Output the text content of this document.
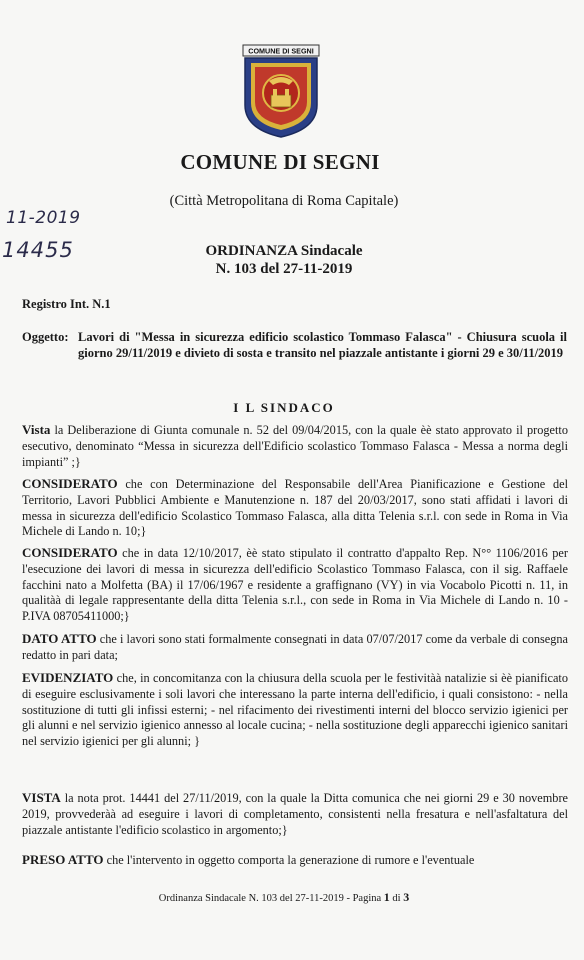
COMUNE DI SEGNI
COMUNE DI SEGNI
(Città Metropolitana di Roma Capitale)
11-2019
14455	ORDINANZA Sindacale
N. 103 del 27-11-2019
Registro Int. N.1
Oggetto: Lavori di "Messa in sicurezza edificio scolastico Tommaso Falasca" - Chiusura scuola il giorno 29/11/2019 e divieto di sosta e transito nel piazzale antistante i giorni 29 e 30/11/2019
I L SINDACO
Vista la Deliberazione di Giunta comunale n. 52 del 09/04/2015, con la quale èè stato approvato il progetto esecutivo, denominato “Messa in sicurezza dell'Edificio scolastico Tommaso Falasca - Messa a norma degli impianti” ;}
CONSIDERATO che con Determinazione del Responsabile dell'Area Pianificazione e Gestione del Territorio, Lavori Pubblici Ambiente e Manutenzione n. 187 del 20/03/2017, sono stati affidati i lavori di messa in sicurezza dell'edificio Scolastico Tommaso Falasca, alla ditta Telenia s.r.l. con sede in Roma in Via Michele di Lando n. 10;}
CONSIDERATO che in data 12/10/2017, èè stato stipulato il contratto d'appalto Rep. N°° 1106/2016 per l'esecuzione dei lavori di messa in sicurezza dell'edificio Scolastico Tommaso Falasca, con il sig. Raffaele facchini nato a Molfetta (BA) il 17/06/1967 e residente a graffignano (VY) in via Vocabolo Picotti n. 11, in qualitàà di legale rappresentante della ditta Telenia s.r.l., con sede in Roma in Via Michele di Lando n. 10 - P.IVA 08705411000;}
DATO ATTO che i lavori sono stati formalmente consegnati in data 07/07/2017 come da verbale di consegna redatto in pari data;
EVIDENZIATO che, in concomitanza con la chiusura della scuola per le festivitàà natalizie si èè pianificato di eseguire esclusivamente i soli lavori che interessano la parte interna dell'edificio, i quali consistono: - nella sostituzione di tutti gli infissi esterni; - nel rifacimento dei rivestimenti interni del blocco servizio igienici per gli alunni e nel servizio igienico annesso al locale cucina; - nella sostituzione degli apparecchi igienico sanitari nel servizio igienici per gli alunni; }
VISTA la nota prot. 14441 del 27/11/2019, con la quale la Ditta comunica che nei giorni 29 e 30 novembre 2019, provvederàà ad eseguire i lavori di completamento, consistenti nella fresatura e nell'asfaltatura del piazzale antistante l'edificio scolastico in argomento;}
PRESO ATTO che l'intervento in oggetto comporta la generazione di rumore e l'eventuale
Ordinanza Sindacale N. 103 del 27-11-2019 - Pagina 1 di 3
